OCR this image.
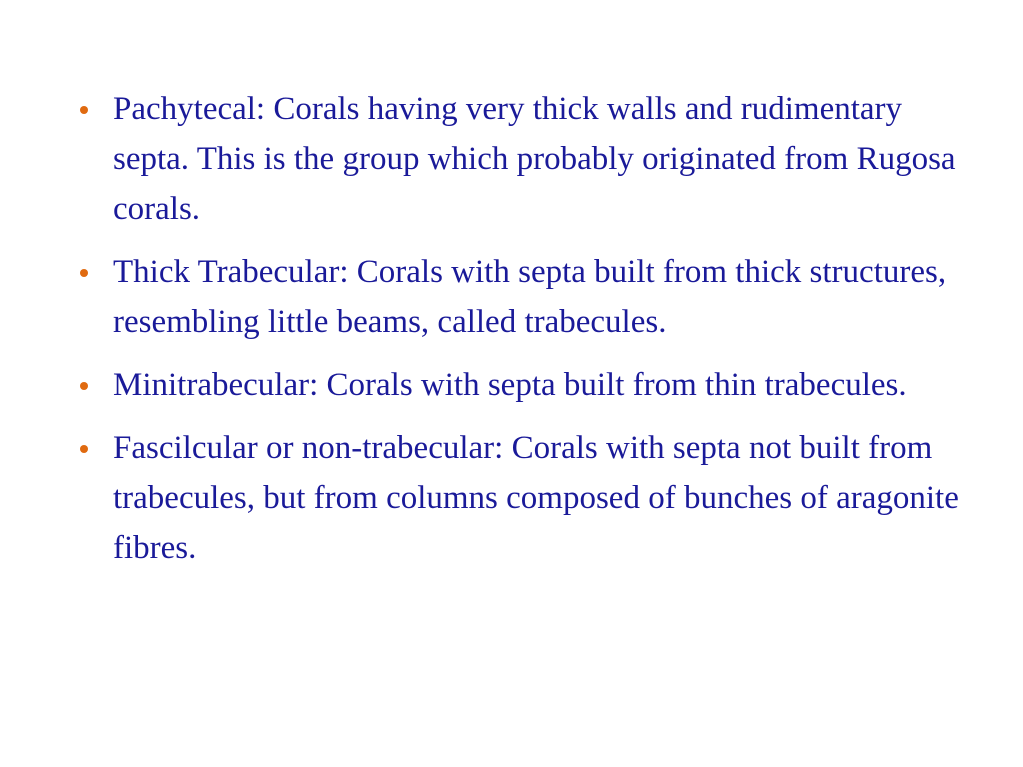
Pachytecal: Corals having very thick walls and rudimentary septa. This is the group which probably originated from Rugosa corals.
Thick Trabecular: Corals with septa built from thick structures, resembling little beams, called trabecules.
Minitrabecular: Corals with septa built from thin trabecules.
Fascilcular or non-trabecular: Corals with septa not built from trabecules, but from columns composed of bunches of aragonite fibres.
